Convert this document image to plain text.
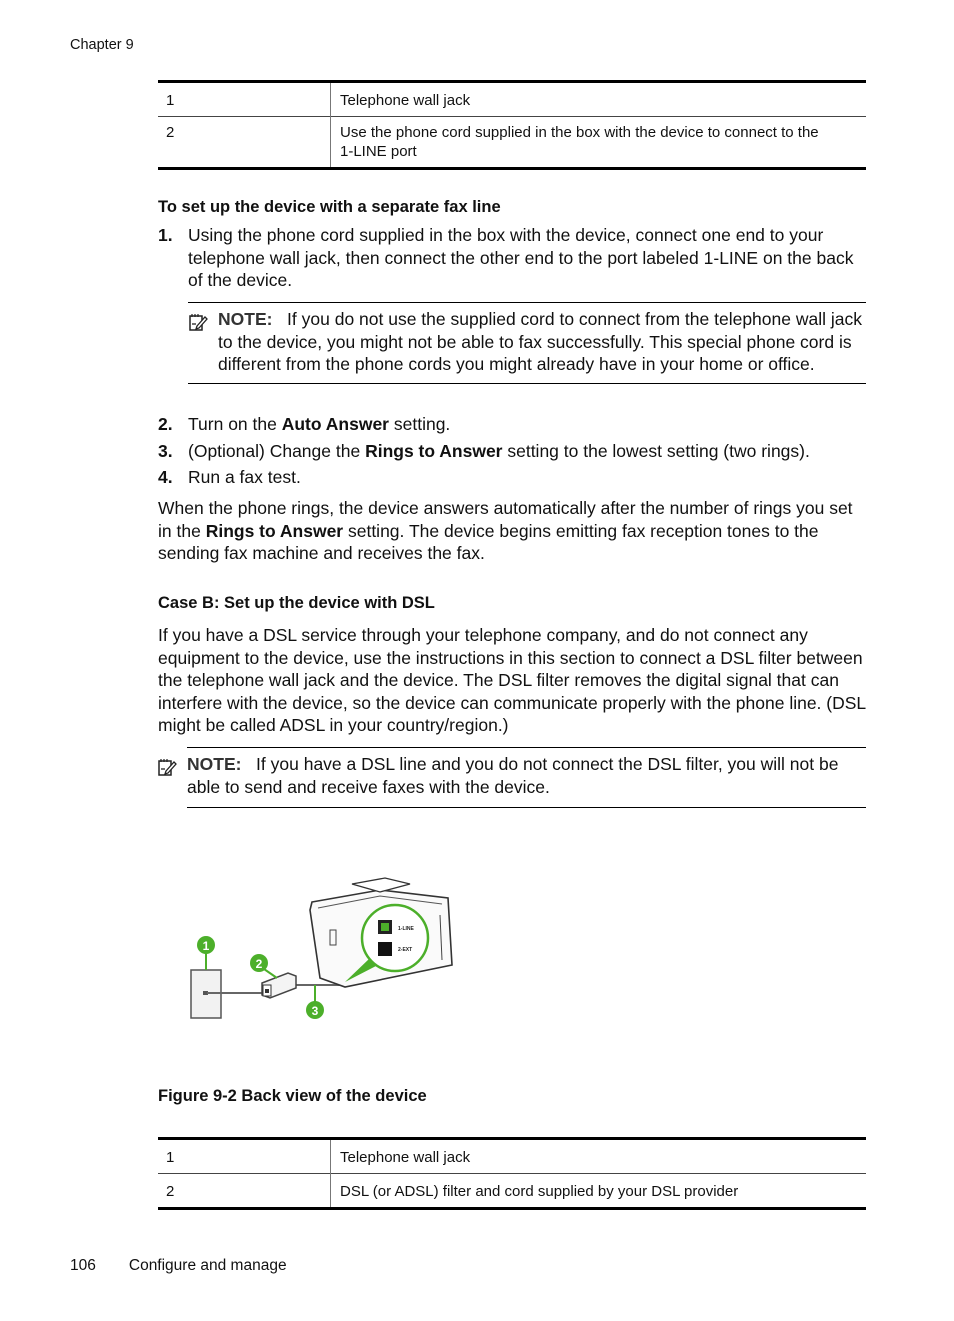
Chapter 9
1	Telephone wall jack
2	Use the phone cord supplied in the box with the device to connect to the 1-LINE port
To set up the device with a separate fax line
1. Using the phone cord supplied in the box with the device, connect one end to your telephone wall jack, then connect the other end to the port labeled 1-LINE on the back of the device.
NOTE: If you do not use the supplied cord to connect from the telephone wall jack to the device, you might not be able to fax successfully. This special phone cord is different from the phone cords you might already have in your home or office.
2. Turn on the Auto Answer setting.
3. (Optional) Change the Rings to Answer setting to the lowest setting (two rings).
4. Run a fax test.
When the phone rings, the device answers automatically after the number of rings you set in the Rings to Answer setting. The device begins emitting fax reception tones to the sending fax machine and receives the fax.
Case B: Set up the device with DSL
If you have a DSL service through your telephone company, and do not connect any equipment to the device, use the instructions in this section to connect a DSL filter between the telephone wall jack and the device. The DSL filter removes the digital signal that can interfere with the device, so the device can communicate properly with the phone line. (DSL might be called ADSL in your country/region.)
NOTE: If you have a DSL line and you do not connect the DSL filter, you will not be able to send and receive faxes with the device.
1-LINE
2-EXT
1
2
3
Figure 9-2 Back view of the device
1	Telephone wall jack
2	DSL (or ADSL) filter and cord supplied by your DSL provider
106 Configure and manage
